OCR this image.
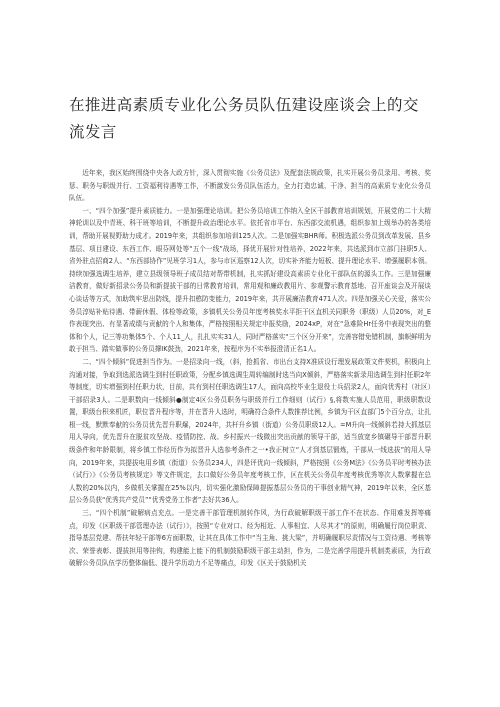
在推进高素质专业化公务员队伍建设座谈会上的交流发言

近年来，我区始终围绕中央各大政方针，深入贯彻实施《公务员法》及配套法规政策，扎实开展公务员录用、考核、奖惩、职务与职级并行、工资福利待遇等工作，不断激发公务员队伍活力，全力打造忠诚、干净、担当的高素质专业化公务员队伍。

一、“四个加强”提升素质能力。一是加强理论培训。把公务员培训工作纳入全区干部教育培训规划，开展党的二十大精神轮训以及中青班、科干班等培训，不断提升政治理论水平。依托省市平台、东西部交流机遇，组织参加上级举办的各类培训，帮助开展视野助力成才。2019年来，共组织参加培训125人次。二是加强实BHR师。积极选派公务员到改革发展、县乡基层、项目建设、东西工作、眼芬网处等“五个一线”战场，择优开展针对性培养，2022年来，共选派到市立部门挂职5人、省外驻点招商2人、“东西部协作”见班学习1人，参与市区巡察12人次，切实补齐能力短板、提升理论水平、增强履职本领。持续加强选调生培养，建立县级领导班子成员结对帮带机制，扎实抓好建设高素质专业化干部队伍的源头工作。三是加强廉洁教育，做好新招录公务员和新提拔干部的日常教育培训，常用观和廉政教用片、参观警示教育基地、召开座谈会及开展谈心谈话等方式，加助筑牢思出防线，提升扣憨防变能力，2019年来，共开展廉洁教育471人次。四是加强关心关爱，落实公务员淳贴补贴待遇、带薪休假、体检等政策，多镇机关公务员年度考核奖水平拒干区直机关同职务（职级）人员20%，对_E作表现突出、有显著成绩与贡献的个人和集体，严格按照相关规定申报奖励，2024xP，对在“急难险Hr任务中表现突出的整体和个人，记三等功集体5个、个人11_人，扎扎实实31人，同时严格落实“三个区分开来”，完善容错免错机制，旗帜鲜明为敢于担当、踏实做事的公务员撑IK鼓劲，2021年来，按程序为不实举报澄清正名1人。

二、“四个倾斜”促进担当作为。一是招录向一线，（斜，抢抓省、市出台支持X准质设行理发展政策文件契机，积极向上沟通对接，争取到选派选调生到村任职政策，分配乡镇选调生周转编制时选当向X倾斜，严格落实新录用选调生到村任职2年等制度，切实增强到村任职力状，目前，共有到村任职选调生17人，面向高校毕业生退役士兵招录2人，面向优秀村（社区）干部招录3人。二是职数向一线倾斜●制定4区公务员职务与职级并行工作细则（试行）§,将数实施人员范用，职级职数设置，职级台积来机匠，职位晋升程序等，并在晋升人选时，明确符合条件人数推荐比例，乡镇为干区直部门5个百分点，让扎根一线，默默奉献的公务员优先晋升职爆，2024年，共杆升乡镇（街道）公务员职级12人。=M升向一线倾斜若持大抓基层用人导向，优先晋升在脱贫攻坚战、疫情防控、战、乡村振兴一线微出突出贡献的领导干部，适当放宽乡镇碾导干部晋升职级条件和年龄限制，将乡镇工作经历作为拟晋升人选参考条件之一•我正树立“人才到基层锻炼，干部从一线选拔”的用人导向，2019年来，共提拔电用乡镇（街道）公务员234人，四是评优向一线倾斜，严格按照《公务M法》《公务员平时考核办法（试行）》《公务员考核规定》等文件规定，去口做好公务员年度考核工作，区在机关公务员年度考核优秀等次人数掌握在总人数的20%以内，乡做机关掌握在25%以内，切实强化激励保障提振基层公务员的干事创业精气神，2019年以来，全区基层公务员获“优秀共产党员”“优秀党务工作者”去好共36人。

三、“四个机制”破解病点充点。一是完善干部管理机制转作风，为行政破解职级干部工作不在状态、作用难发挥等痛点，印发《区职级干部管理办法（试行）》，按照“专业对口、经为相近、人事相宜、人尽其才”的原则，明确履行岗位职责、指导基层党建、帮扶年轻干部等6方面职数，让其在具体工作中“当主角、挑大梁”，并明确履职尽责情况与工资待遇、考核等次、荣誉表彰、提拔担用等挂钩，构建能上能下的机制鼓励职级干部主动担，作为，二是完善学用提升机制类素质，为行政破解公务员队伍学历整体偏低、提升学历动力不足等痛点，印发《区关于鼓励机关
